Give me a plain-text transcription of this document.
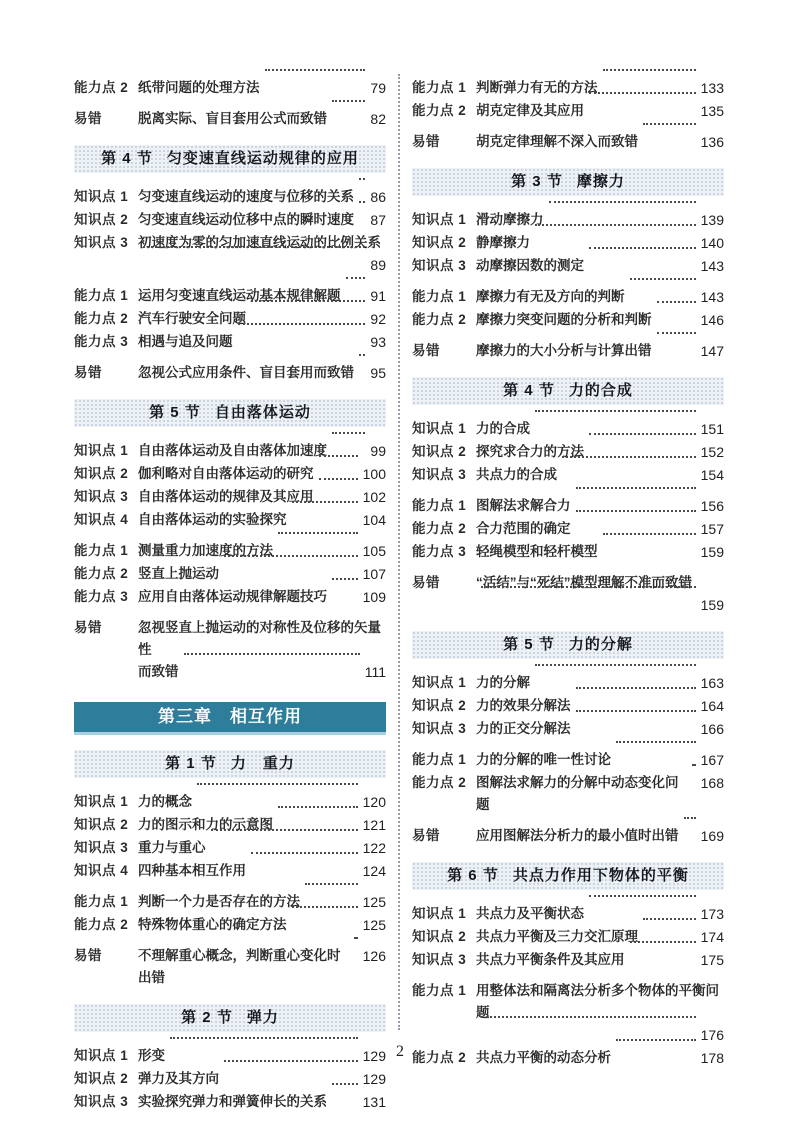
能力点 2 纸带问题的处理方法	79
易错	脱离实际、盲目套用公式而致错	82
第 4 节 匀变速直线运动规律的应用
知识点 1 匀变速直线运动的速度与位移的关系 86
知识点 2 匀变速直线运动位移中点的瞬时速度 87
知识点 3 初速度为零的匀加速直线运动的比例关系
89
能力点 1 运用匀变速直线运动基本规律解题 91
能力点 2 汽车行驶安全问题	92
能力点 3 相遇与追及问题	93
易错	忽视公式应用条件、盲目套用而致错 95
第 5 节 自由落体运动
知识点 1 自由落体运动及自由落体加速度	99
知识点 2 伽利略对自由落体运动的研究	100
知识点 3 自由落体运动的规律及其应用	102
知识点 4 自由落体运动的实验探究	104
能力点 1 测量重力加速度的方法	105
能力点 2 竖直上抛运动	107
能力点 3 应用自由落体运动规律解题技巧	109
易错	忽视竖直上抛运动的对称性及位移的矢量性
而致错	111
第三章 相互作用
第 1 节 力　重力
知识点 1 力的概念	120
知识点 2 力的图示和力的示意图	121
知识点 3 重力与重心	122
知识点 4 四种基本相互作用	124
能力点 1 判断一个力是否存在的方法	125
能力点 2 特殊物体重心的确定方法	125
易错	不理解重心概念，判断重心变化时出错
126
第 2 节 弹力
知识点 1 形变	129
知识点 2 弹力及其方向	129
知识点 3 实验探究弹力和弹簧伸长的关系	131
能力点 1 判断弹力有无的方法	133
能力点 2 胡克定律及其应用	135
易错	胡克定律理解不深入而致错	136
第 3 节 摩擦力
知识点 1 滑动摩擦力	139
知识点 2 静摩擦力	140
知识点 3 动摩擦因数的测定	143
能力点 1 摩擦力有无及方向的判断	143
能力点 2 摩擦力突变问题的分析和判断	146
易错	摩擦力的大小分析与计算出错	147
第 4 节 力的合成
知识点 1 力的合成	151
知识点 2 探究求合力的方法	152
知识点 3 共点力的合成	154
能力点 1 图解法求解合力	156
能力点 2 合力范围的确定	157
能力点 3 轻绳模型和轻杆模型	159
易错	“活结”与“死结”模型理解不准而致错
159
第 5 节 力的分解
知识点 1 力的分解	163
知识点 2 力的效果分解法	164
知识点 3 力的正交分解法	166
能力点 1 力的分解的唯一性讨论	167
能力点 2 图解法求解力的分解中动态变化问题
168
易错	应用图解法分析力的最小值时出错 169
第 6 节 共点力作用下物体的平衡
知识点 1 共点力及平衡状态	173
知识点 2 共点力平衡及三力交汇原理	174
知识点 3 共点力平衡条件及其应用	175
能力点 1 用整体法和隔离法分析多个物体的平衡问题
176
能力点 2 共点力平衡的动态分析	178
2
